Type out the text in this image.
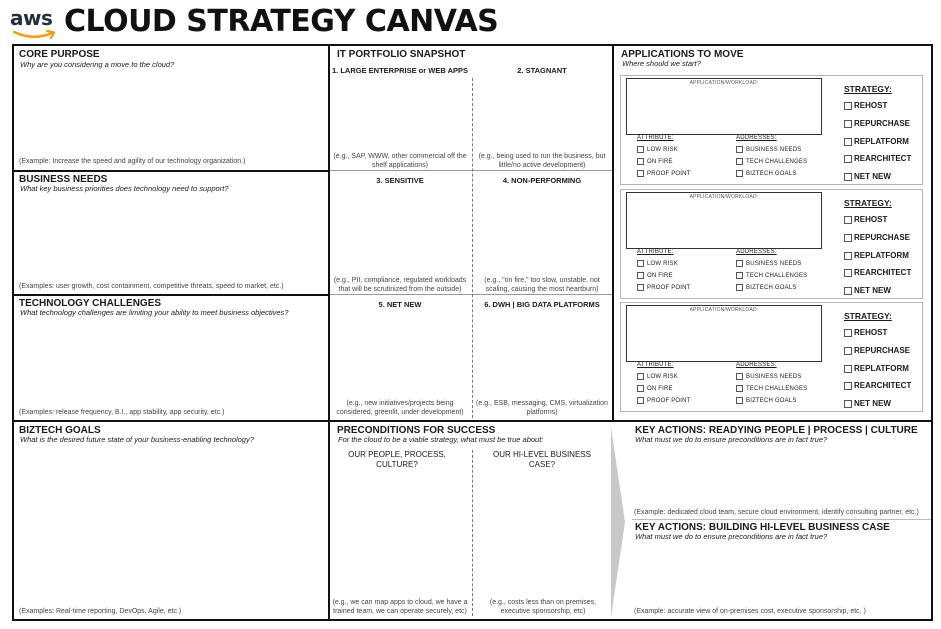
aws CLOUD STRATEGY CANVAS
CORE PURPOSE
Why are you considering a move to the cloud?
(Example: Increase the speed and agility of our technology organization.)
BUSINESS NEEDS
What key business priorities does technology need to support?
(Examples: user growth, cost containment, competitive threats, speed to market, etc.)
TECHNOLOGY CHALLENGES
What technology challenges are limiting your ability to meet business objectives?
(Examples: release frequency, B.I., app stability, app security, etc.)
BIZTECH GOALS
What is the desired future state of your business-enabling technology?
(Examples: Real-time reporting, DevOps, Agile, etc.)
IT PORTFOLIO SNAPSHOT
1. LARGE ENTERPRISE or WEB APPS	2. STAGNANT
(e.g., SAP, WWW, other commercial off the shelf applications)
(e.g., being used to run the business, but little/no active development)
3. SENSITIVE	4. NON-PERFORMING
(e.g., PII, compliance, regulated workloads that will be scrutinized from the outside)
(e.g., "on fire," too slow, unstable, not scaling, causing the most heartburn)
5. NET NEW	6. DWH | BIG DATA PLATFORMS
(e.g., new initiatives/projects being considered, greenlit, under development)
(e.g., ESB, messaging, CMS, virtualization platforms)
APPLICATIONS TO MOVE
Where should we start?
APPLICATION/WORKLOAD:
ATTRIBUTE:	ADDRESSES:
LOW RISK	BUSINESS NEEDS
ON FIRE	TECH CHALLENGES
PROOF POINT	BIZTECH GOALS
STRATEGY:
REHOST
REPURCHASE
REPLATFORM
REARCHITECT
NET NEW
APPLICATION/WORKLOAD:
ATTRIBUTE:	ADDRESSES:
LOW RISK	BUSINESS NEEDS
ON FIRE	TECH CHALLENGES
PROOF POINT	BIZTECH GOALS
STRATEGY:
REHOST
REPURCHASE
REPLATFORM
REARCHITECT
NET NEW
APPLICATION/WORKLOAD:
ATTRIBUTE:	ADDRESSES:
LOW RISK	BUSINESS NEEDS
ON FIRE	TECH CHALLENGES
PROOF POINT	BIZTECH GOALS
STRATEGY:
REHOST
REPURCHASE
REPLATFORM
REARCHITECT
NET NEW
PRECONDITIONS FOR SUCCESS
For the cloud to be a viable strategy, what must be true about:
OUR PEOPLE, PROCESS, CULTURE?
OUR HI-LEVEL BUSINESS CASE?
(e.g., we can map apps to cloud, we have a trained team, we can operate securely, etc)
(e.g., costs less than on premises, executive sponsorship, etc)
KEY ACTIONS: READYING PEOPLE | PROCESS | CULTURE
What must we do to ensure preconditions are in fact true?
(Example: dedicated cloud team, secure cloud environment, identify consulting partner, etc.)
KEY ACTIONS: BUILDING HI-LEVEL BUSINESS CASE
What must we do to ensure preconditions are in fact true?
(Example: accurate view of on-premises cost, executive sponsorship, etc. )
